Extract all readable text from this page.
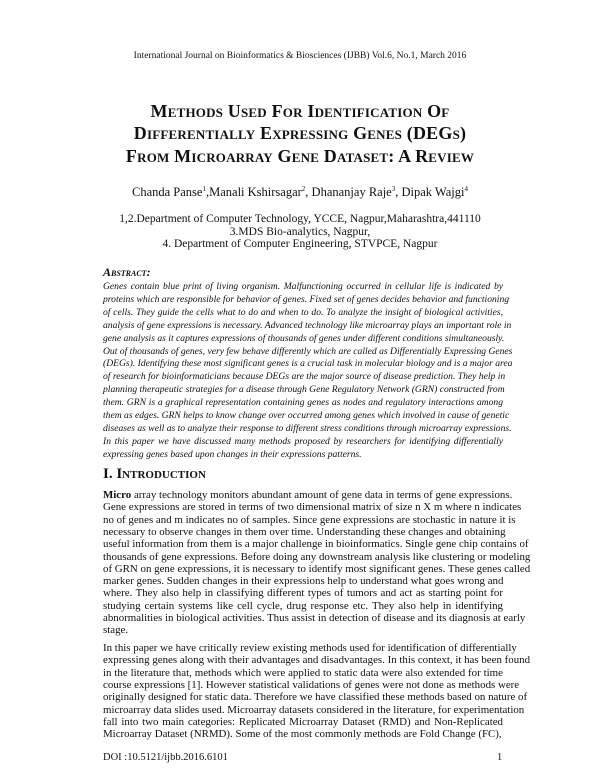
International Journal on Bioinformatics & Biosciences (IJBB) Vol.6, No.1, March 2016
Methods Used For Identification Of
Differentially Expressing Genes (DEGs)
From Microarray Gene Dataset: A Review
Chanda Panse$^1$,Manali Kshirsagar$^2$, Dhananjay Raje$^3$, Dipak Wajgi$^4$
1,2.Department of Computer Technology, YCCE, Nagpur,Maharashtra,441110
3.MDS Bio-analytics, Nagpur,
4. Department of Computer Engineering, STVPCE, Nagpur
Abstract:
Genes contain blue print of living organism. Malfunctioning occurred in cellular life is indicated by
proteins which are responsible for behavior of genes. Fixed set of genes decides behavior and functioning
of cells. They guide the cells what to do and when to do. To analyze the insight of biological activities,
analysis of gene expressions is necessary. Advanced technology like microarray plays an important role in
gene analysis as it captures expressions of thousands of genes under different conditions simultaneously.
Out of thousands of genes, very few behave differently which are called as Differentially Expressing Genes
(DEGs). Identifying these most significant genes is a crucial task in molecular biology and is a major area
of research for bioinformaticians because DEGs are the major source of disease prediction. They help in
planning therapeutic strategies for a disease through Gene Regulatory Network (GRN) constructed from
them. GRN is a graphical representation containing genes as nodes and regulatory interactions among
them as edges. GRN helps to know change over occurred among genes which involved in cause of genetic
diseases as well as to analyze their response to different stress conditions through microarray expressions.
In this paper we have discussed many methods proposed by researchers for identifying differentially
expressing genes based upon changes in their expressions patterns.
I. Introduction
Micro array technology monitors abundant amount of gene data in terms of gene expressions.
Gene expressions are stored in terms of two dimensional matrix of size n X m where n indicates
no of genes and m indicates no of samples. Since gene expressions are stochastic in nature it is
necessary to observe changes in them over time. Understanding these changes and obtaining
useful information from them is a major challenge in bioinformatics. Single gene chip contains of
thousands of gene expressions. Before doing any downstream analysis like clustering or modeling
of GRN on gene expressions, it is necessary to identify most significant genes. These genes called
marker genes. Sudden changes in their expressions help to understand what goes wrong and
where. They also help in classifying different types of tumors and act as starting point for
studying certain systems like cell cycle, drug response etc. They also help in identifying
abnormalities in biological activities. Thus assist in detection of disease and its diagnosis at early
stage.
In this paper we have critically review existing methods used for identification of differentially
expressing genes along with their advantages and disadvantages. In this context, it has been found
in the literature that, methods which were applied to static data were also extended for time
course expressions [1]. However statistical validations of genes were not done as methods were
originally designed for static data. Therefore we have classified these methods based on nature of
microarray data slides used. Microarray datasets considered in the literature, for experimentation
fall into two main categories: Replicated Microarray Dataset (RMD) and Non-Replicated
Microarray Dataset (NRMD). Some of the most commonly methods are Fold Change (FC),
DOI :10.5121/ijbb.2016.6101	1
